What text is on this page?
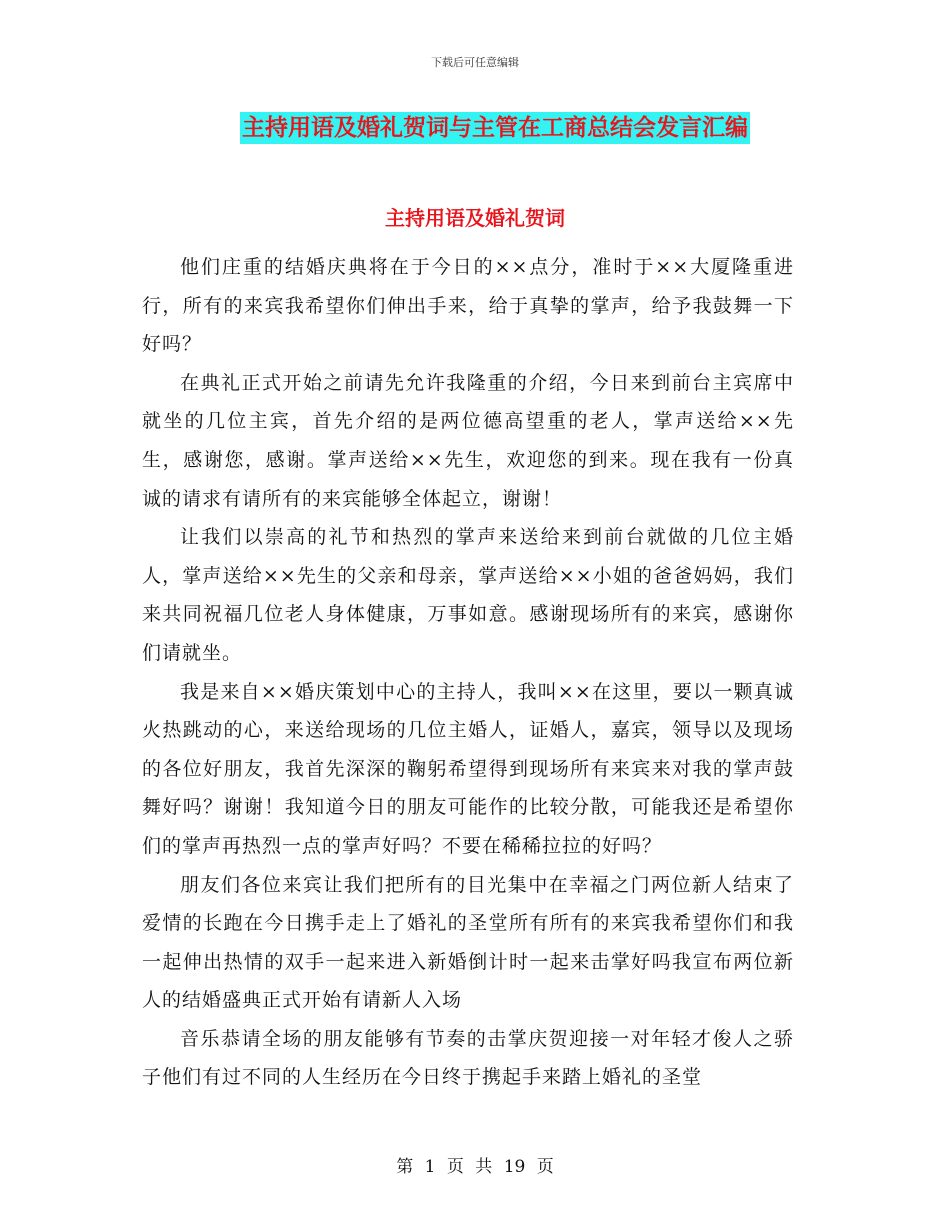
下载后可任意编辑
主持用语及婚礼贺词与主管在工商总结会发言汇编
主持用语及婚礼贺词

他们庄重的结婚庆典将在于今日的××点分，准时于××大厦隆重进行，所有的来宾我希望你们伸出手来，给于真挚的掌声，给予我鼓舞一下好吗？

在典礼正式开始之前请先允许我隆重的介绍，今日来到前台主宾席中就坐的几位主宾，首先介绍的是两位德高望重的老人，掌声送给××先生，感谢您，感谢。掌声送给××先生，欢迎您的到来。现在我有一份真诚的请求有请所有的来宾能够全体起立，谢谢！

让我们以崇高的礼节和热烈的掌声来送给来到前台就做的几位主婚人，掌声送给××先生的父亲和母亲，掌声送给××小姐的爸爸妈妈，我们来共同祝福几位老人身体健康，万事如意。感谢现场所有的来宾，感谢你们请就坐。

我是来自××婚庆策划中心的主持人，我叫××在这里，要以一颗真诚火热跳动的心，来送给现场的几位主婚人，证婚人，嘉宾，领导以及现场的各位好朋友，我首先深深的鞠躬希望得到现场所有来宾来对我的掌声鼓舞好吗？谢谢！我知道今日的朋友可能作的比较分散，可能我还是希望你们的掌声再热烈一点的掌声好吗？不要在稀稀拉拉的好吗？

朋友们各位来宾让我们把所有的目光集中在幸福之门两位新人结束了爱情的长跑在今日携手走上了婚礼的圣堂所有所有的来宾我希望你们和我一起伸出热情的双手一起来进入新婚倒计时一起来击掌好吗我宣布两位新人的结婚盛典正式开始有请新人入场

音乐恭请全场的朋友能够有节奏的击掌庆贺迎接一对年轻才俊人之骄子他们有过不同的人生经历在今日终于携起手来踏上婚礼的圣堂

第 1 页 共 19 页
